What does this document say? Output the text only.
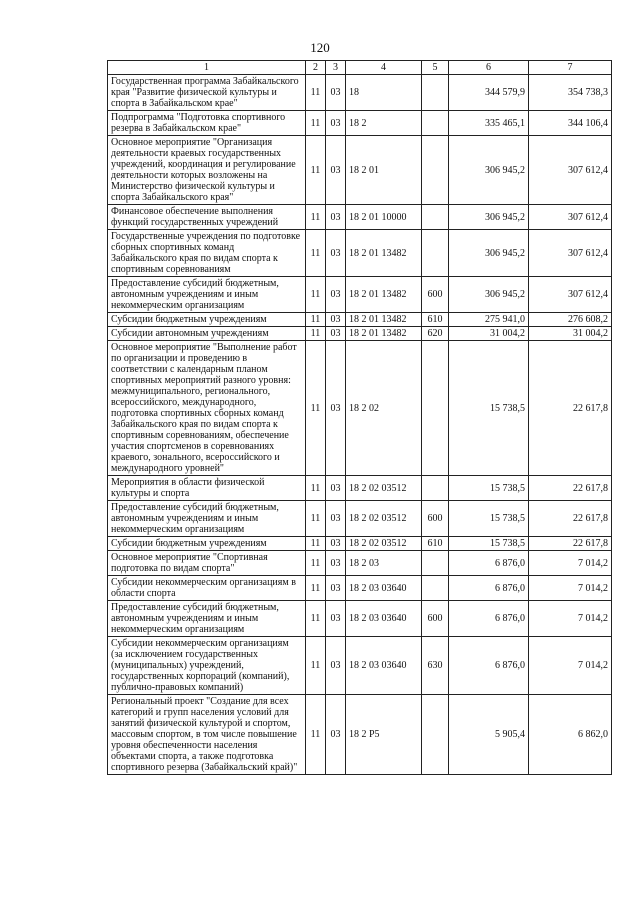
120
1	2	3	4	5	6	7
Государственная программа Забайкальского края "Развитие физической культуры и спорта в Забайкальском крае"	11	03	18		344 579,9	354 738,3
Подпрограмма "Подготовка спортивного резерва в Забайкальском крае"	11	03	18 2		335 465,1	344 106,4
Основное мероприятие "Организация деятельности краевых государственных учреждений, координация и регулирование деятельности которых возложены на Министерство физической культуры и спорта Забайкальского края"	11	03	18 2 01		306 945,2	307 612,4
Финансовое обеспечение выполнения функций государственных учреждений	11	03	18 2 01 10000		306 945,2	307 612,4
Государственные учреждения по подготовке сборных спортивных команд Забайкальского края по видам спорта к спортивным соревнованиям	11	03	18 2 01 13482		306 945,2	307 612,4
Предоставление субсидий бюджетным, автономным учреждениям и иным некоммерческим организациям	11	03	18 2 01 13482	600	306 945,2	307 612,4
Субсидии бюджетным учреждениям	11	03	18 2 01 13482	610	275 941,0	276 608,2
Субсидии автономным учреждениям	11	03	18 2 01 13482	620	31 004,2	31 004,2
Основное мероприятие "Выполнение работ по организации и проведению в соответствии с календарным планом спортивных мероприятий разного уровня: межмуниципального, регионального, всероссийского, международного, подготовка спортивных сборных команд Забайкальского края по видам спорта к спортивным соревнованиям, обеспечение участия спортсменов в соревнованиях краевого, зонального, всероссийского и международного уровней"	11	03	18 2 02		15 738,5	22 617,8
Мероприятия в области физической культуры и спорта	11	03	18 2 02 03512		15 738,5	22 617,8
Предоставление субсидий бюджетным, автономным учреждениям и иным некоммерческим организациям	11	03	18 2 02 03512	600	15 738,5	22 617,8
Субсидии бюджетным учреждениям	11	03	18 2 02 03512	610	15 738,5	22 617,8
Основное мероприятие "Спортивная подготовка по видам спорта"	11	03	18 2 03		6 876,0	7 014,2
Субсидии некоммерческим организациям в области спорта	11	03	18 2 03 03640		6 876,0	7 014,2
Предоставление субсидий бюджетным, автономным учреждениям и иным некоммерческим организациям	11	03	18 2 03 03640	600	6 876,0	7 014,2
Субсидии некоммерческим организациям (за исключением государственных (муниципальных) учреждений, государственных корпораций (компаний), публично-правовых компаний)	11	03	18 2 03 03640	630	6 876,0	7 014,2
Региональный проект "Создание для всех категорий и групп населения условий для занятий физической культурой и спортом, массовым спортом, в том числе повышение уровня обеспеченности населения объектами спорта, а также подготовка спортивного резерва (Забайкальский край)"	11	03	18 2 P5		5 905,4	6 862,0
